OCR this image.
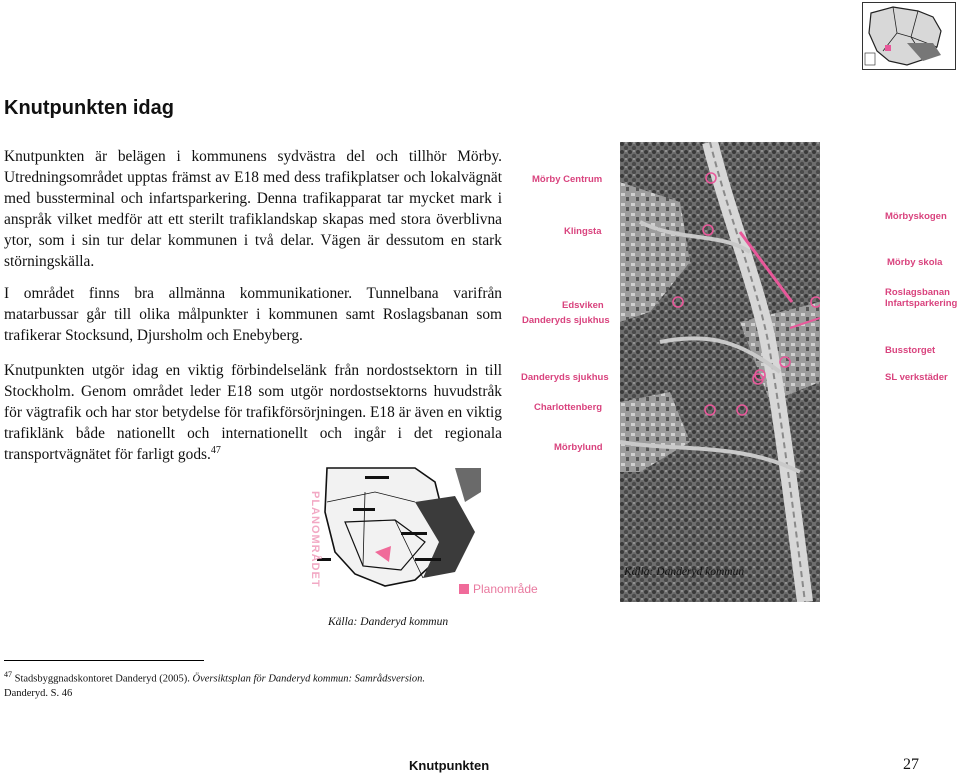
Knutpunkten idag
Knutpunkten är belägen i kommunens sydvästra del och tillhör Mörby. Utredningsområdet upptas främst av E18 med dess trafikplatser och lokalvägnät med bussterminal och infartsparkering. Denna trafikapparat tar mycket mark i anspråk vilket medför att ett sterilt trafiklandskap skapas med stora överblivna ytor, som i sin tur delar kommunen i två delar. Vägen är dessutom en stark störningskälla.
I området finns bra allmänna kommunikationer. Tunnelbana varifrån matarbussar går till olika målpunkter i kommunen samt Roslagsbanan som trafikerar Stocksund, Djursholm och Enebyberg.
Knutpunkten utgör idag en viktig förbindelselänk från nordostsektorn in till Stockholm. Genom området leder E18 som utgör nordostsektorns huvudstråk för vägtrafik och har stor betydelse för trafikförsörjningen. E18 är även en viktig trafiklänk både nationellt och internationellt och ingår i det regionala transportvägnätet för farligt gods.$^{47}$
Mörby Centrum
Klingsta
Edsviken
Danderyds sjukhus
Danderyds sjukhus
Charlottenberg
Mörbylund
Mörbyskogen
Mörby skola
Roslagsbanan
Infartsparkering
Busstorget
SL verkstäder
Källa: Danderyd kommun
PLANOMRÅDET
Planområde
Källa: Danderyd kommun
$^{47}$ Stadsbyggnadskontoret Danderyd (2005). Översiktsplan för Danderyd kommun: Samrådsversion.
Danderyd. S. 46
Knutpunkten	27
